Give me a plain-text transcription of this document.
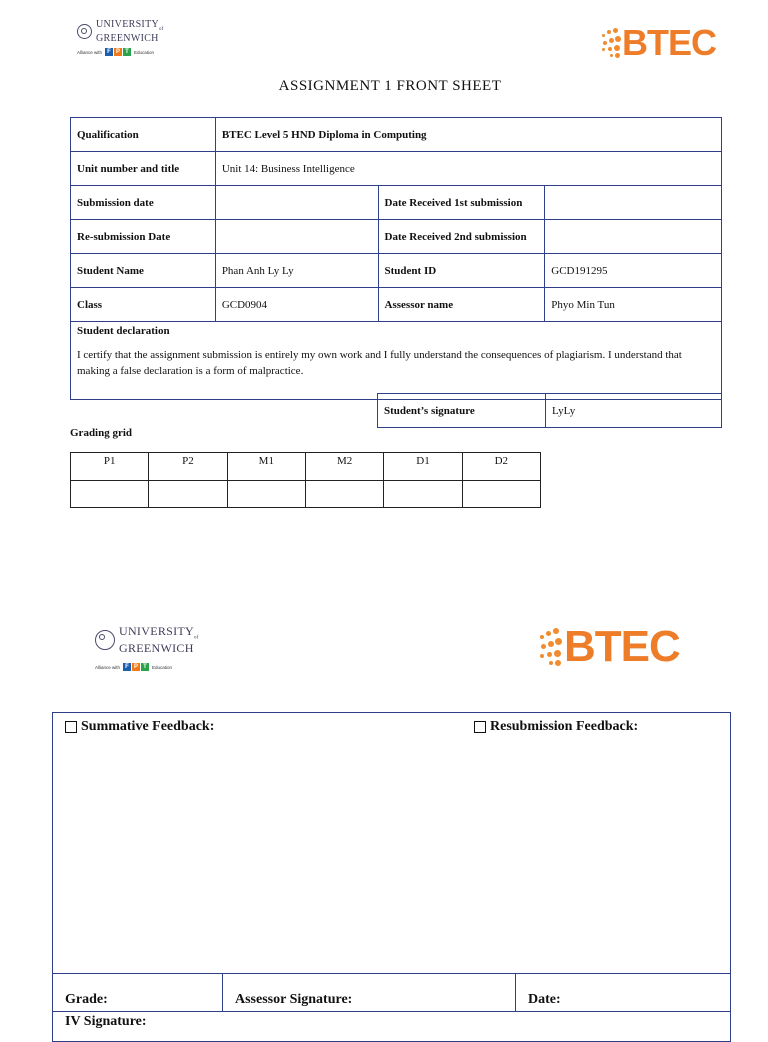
$UNIVERSITY_{of}$
GREENWICH
Alliance with F P T	Education	BTEC
ASSIGNMENT 1 FRONT SHEET
Qualification	BTEC Level 5 HND Diploma in Computing		
Unit number and title	Unit 14: Business Intelligence		
Submission date		Date Received 1st submission	
Re-submission Date		Date Received 2nd submission	
Student Name	Phan Anh Ly Ly	Student ID	GCD191295
Class	GCD0904	Assessor name	Phyo Min Tun

Student declaration
I certify that the assignment submission is entirely my own work and I fully understand the consequences of plagiarism. I understand that making a false declaration is a form of malpractice.			
Student’s signature	LyLy
Grading grid
P1	P2	M1	M2	D1	D2

$UNIVERSITY_{of}$
GREENWICH
Alliance with F P T	Education	BTEC
Summative Feedback:	Resubmission Feedback:
Grade:	Assessor Signature:	Date:
IV Signature:
